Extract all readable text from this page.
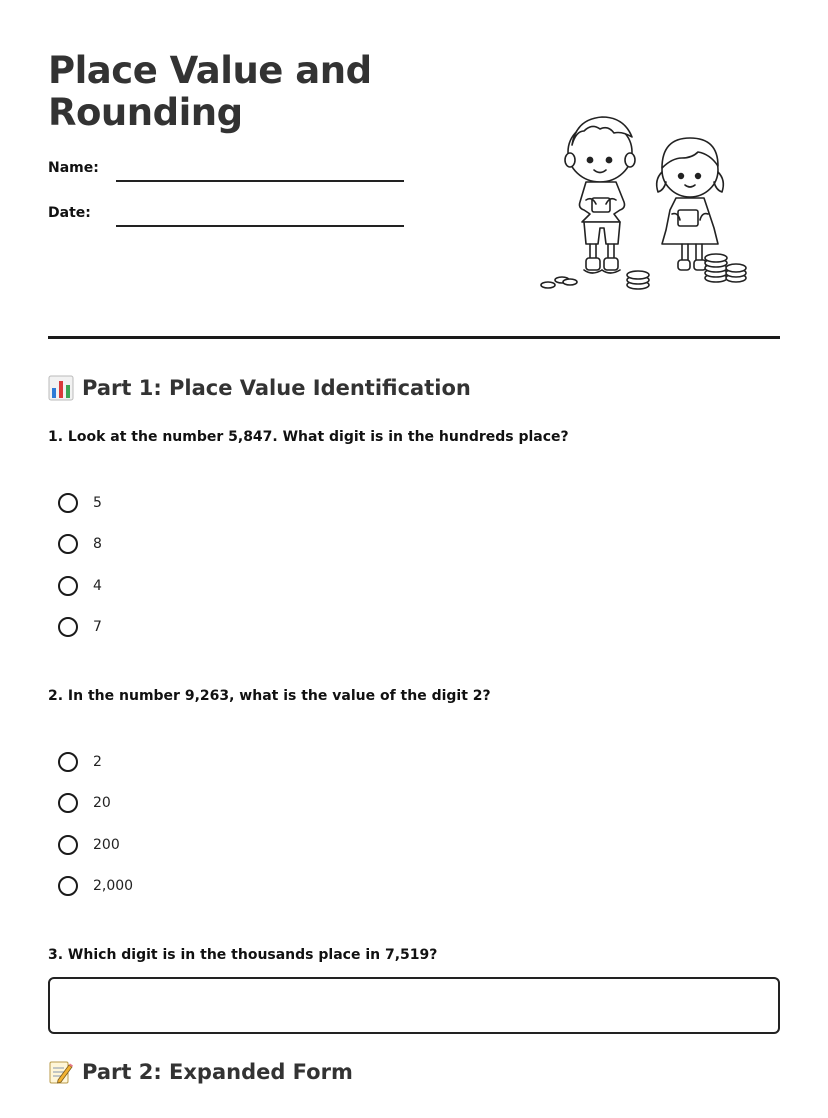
Place Value and Rounding
Name:
Date:
Part 1: Place Value Identification
1. Look at the number 5,847. What digit is in the hundreds place?
5
8
4
7
2. In the number 9,263, what is the value of the digit 2?
2
20
200
2,000
3. Which digit is in the thousands place in 7,519?
Part 2: Expanded Form
